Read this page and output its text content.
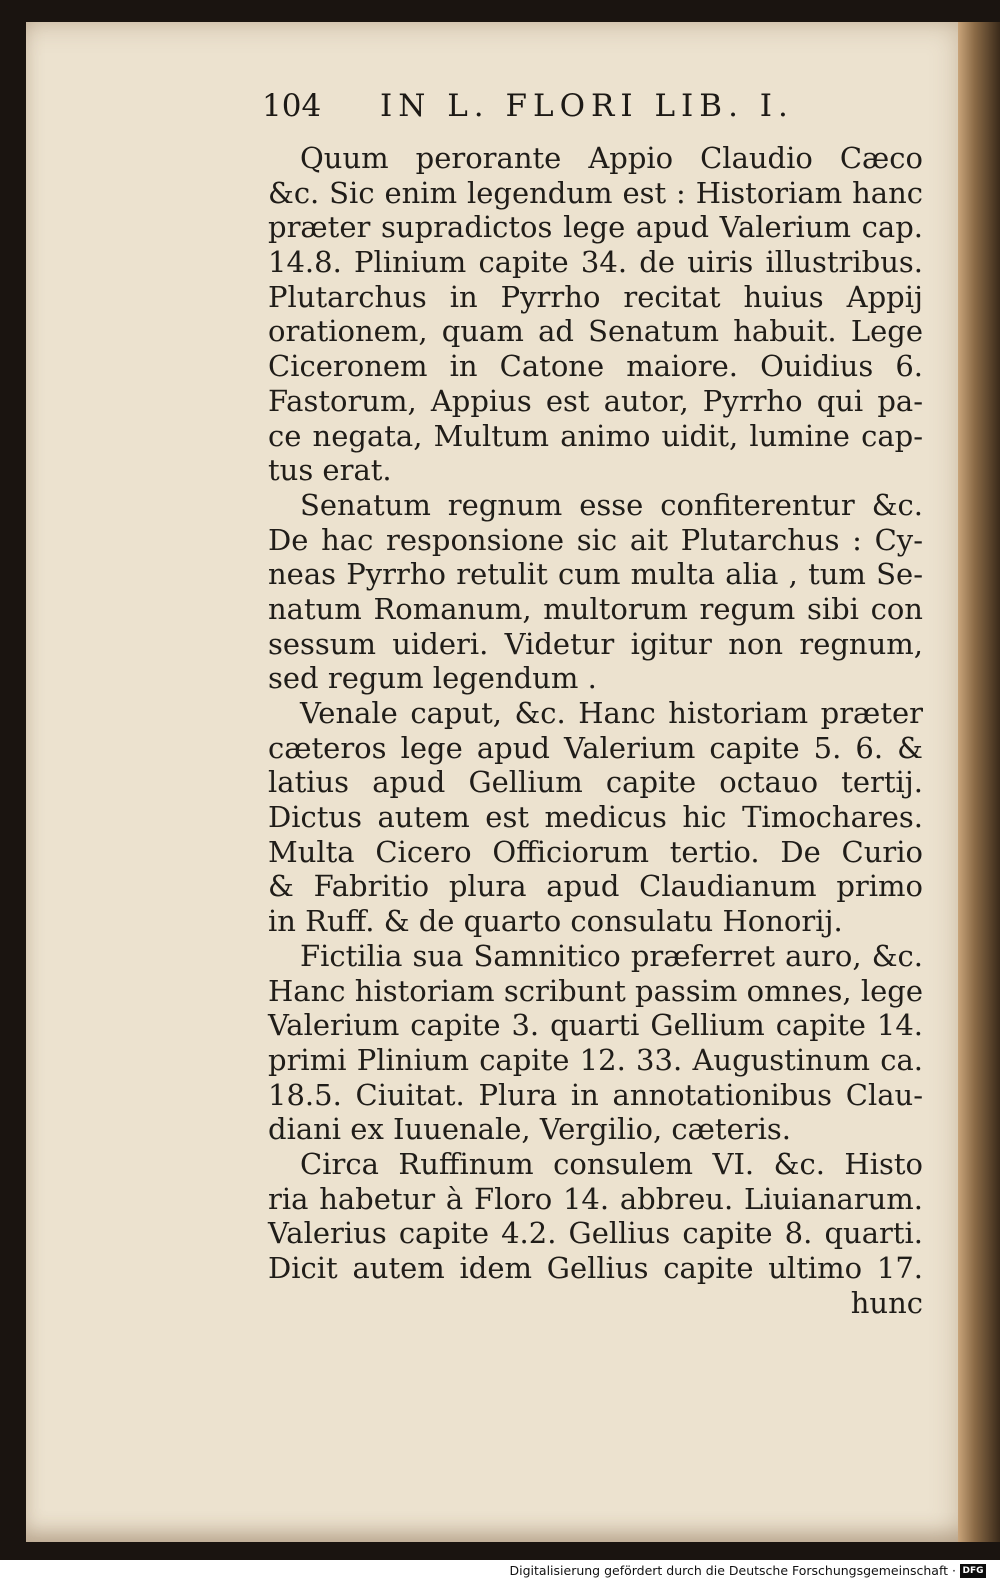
104 IN L. FLORI LIB. I.
Quum perorante Appio Claudio Cæco
&c. Sic enim legendum est : Historiam hanc
præter supradictos lege apud Valerium cap.
14.8. Plinium capite 34. de uiris illustribus.
Plutarchus in Pyrrho recitat huius Appij
orationem, quam ad Senatum habuit. Lege
Ciceronem in Catone maiore. Ouidius 6.
Fastorum, Appius est autor, Pyrrho qui pa-
ce negata, Multum animo uidit, lumine cap-
tus erat.
Senatum regnum esse confiterentur &c.
De hac responsione sic ait Plutarchus : Cy-
neas Pyrrho retulit cum multa alia , tum Se-
natum Romanum, multorum regum sibi con
sessum uideri. Videtur igitur non regnum,
sed regum legendum .
Venale caput, &c. Hanc historiam præter
cæteros lege apud Valerium capite 5. 6. &
latius apud Gellium capite octauo tertij.
Dictus autem est medicus hic Timochares.
Multa Cicero Officiorum tertio. De Curio
& Fabritio plura apud Claudianum primo
in Ruff. & de quarto consulatu Honorij.
Fictilia sua Samnitico præferret auro, &c.
Hanc historiam scribunt passim omnes, lege
Valerium capite 3. quarti Gellium capite 14.
primi Plinium capite 12. 33. Augustinum ca.
18.5. Ciuitat. Plura in annotationibus Clau-
diani ex Iuuenale, Vergilio, cæteris.
Circa Ruffinum consulem VI. &c. Histo
ria habetur à Floro 14. abbreu. Liuianarum.
Valerius capite 4.2. Gellius capite 8. quarti.
Dicit autem idem Gellius capite ultimo 17.
hunc
Digitalisierung gefördert durch die Deutsche Forschungsgemeinschaft · DFG
